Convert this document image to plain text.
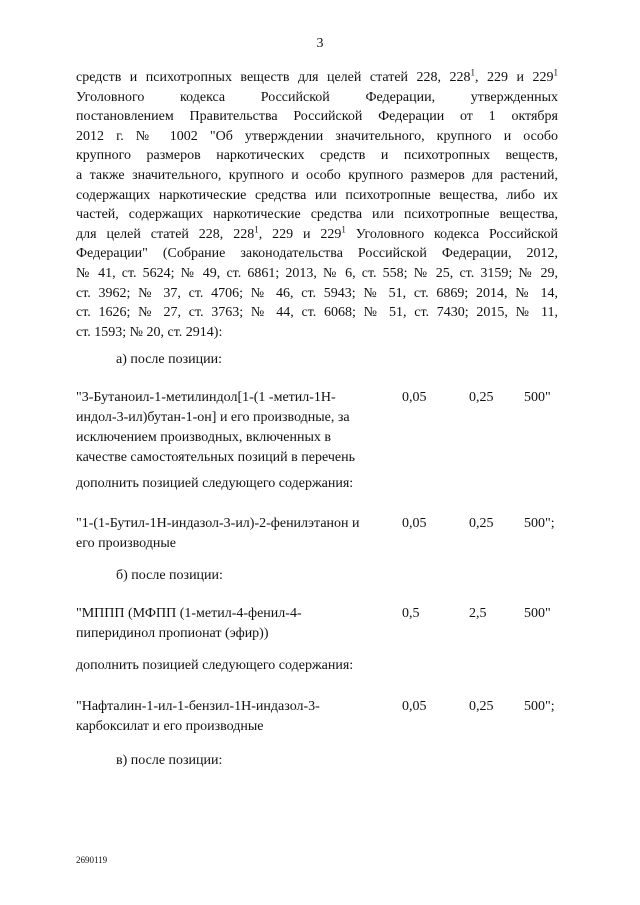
3
средств и психотропных веществ для целей статей 228, $228^1$, 229 и $229^1$
Уголовного кодекса Российской Федерации, утвержденных
постановлением Правительства Российской Федерации от 1 октября
2012 г. № 1002 "Об утверждении значительного, крупного и особо
крупного размеров наркотических средств и психотропных веществ,
а также значительного, крупного и особо крупного размеров для растений,
содержащих наркотические средства или психотропные вещества, либо их
частей, содержащих наркотические средства или психотропные вещества,
для целей статей 228, $228^1$, 229 и $229^1$ Уголовного кодекса Российской
Федерации" (Собрание законодательства Российской Федерации, 2012,
№ 41, ст. 5624; № 49, ст. 6861; 2013, № 6, ст. 558; № 25, ст. 3159; № 29,
ст. 3962; № 37, ст. 4706; № 46, ст. 5943; № 51, ст. 6869; 2014, № 14,
ст. 1626; № 27, ст. 3763; № 44, ст. 6068; № 51, ст. 7430; 2015, № 11,
ст. 1593; № 20, ст. 2914):
а) после позиции:
"3-Бутаноил-1-метилиндол[1-(1 -метил-1Н-индол-3-ил)бутан-1-он] и его производные, за исключением производных, включенных в качестве самостоятельных позиций в перечень
0,05	0,25 500"
дополнить позицией следующего содержания:
"1-(1-Бутил-1Н-индазол-3-ил)-2-фенилэтанон и его производные
0,05	0,25 500";
б) после позиции:
"МППП (МФПП (1-метил-4-фенил-4-пиперидинол пропионат (эфир))
0,5	2,5	500"
дополнить позицией следующего содержания:
"Нафталин-1-ил-1-бензил-1Н-индазол-3-карбоксилат и его производные
0,05	0,25 500";
в) после позиции:
2690119
